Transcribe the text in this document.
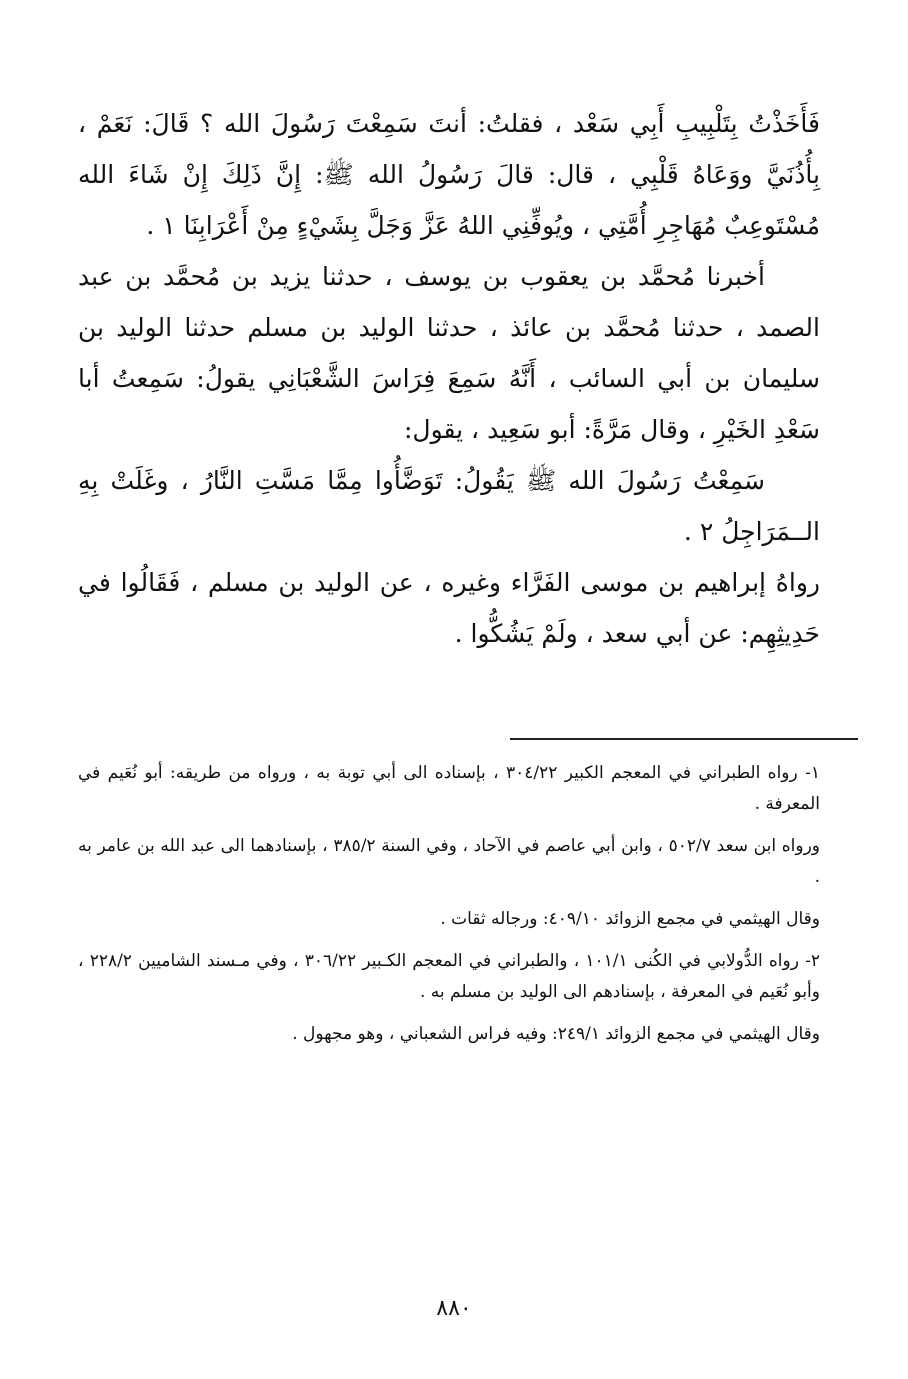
فَأَخَذْتُ بِتَلْبِيبِ أَبِي سَعْد ، فقلتُ: أنتَ سَمِعْتَ رَسُولَ الله ؟ قَالَ: نَعَمْ ، بِأُذُنَيَّ ووَعَاهُ قَلْبِي ، قال: قالَ رَسُولُ الله ﷺ: إِنَّ ذَلِكَ إِنْ شَاءَ الله مُسْتَوعِبٌ مُهَاجِرِ أُمَّتِي ، ويُوفِّنِي اللهُ عَزَّ وَجَلَّ بِشَيْءٍ مِنْ أَعْرَابِنَا ١ .

أخبرنا مُحمَّد بن يعقوب بن يوسف ، حدثنا يزيد بن مُحمَّد بن عبد الصمد ، حدثنا مُحمَّد بن عائذ ، حدثنا الوليد بن مسلم حدثنا الوليد بن سليمان بن أبي السائب ، أَنَّهُ سَمِعَ فِرَاسَ الشَّعْبَانِي يقولُ: سَمِعتُ أبا سَعْدِ الخَيْرِ ، وقال مَرَّةً: أبو سَعِيد ، يقول:

سَمِعْتُ رَسُولَ الله ﷺ يَقُولُ: تَوَضَّأُوا مِمَّا مَسَّتِ النَّارُ ، وغَلَتْ بِهِ الــمَرَاجِلُ ٢ .

رواهُ إبراهيم بن موسى الفَرَّاء وغيره ، عن الوليد بن مسلم ، فَقَالُوا في حَدِيثِهِم: عن أبي سعد ، ولَمْ يَشُكُّوا .

١- رواه الطبراني في المعجم الكبير ٣٠٤/٢٢ ، بإسناده الى أبي توبة به ، ورواه من طريقه: أبو نُعَيم في المعرفة .

ورواه ابن سعد ٥٠٢/٧ ، وابن أبي عاصم في الآحاد ، وفي السنة ٣٨٥/٢ ، بإسنادهما الى عبد الله بن عامر به .

وقال الهيثمي في مجمع الزوائد ٤٠٩/١٠: ورجاله ثقات .

٢- رواه الدُّولابي في الكُنى ١٠١/١ ، والطبراني في المعجم الكـبير ٣٠٦/٢٢ ، وفي مـسند الشاميين ٢٢٨/٢ ، وأبو نُعَيم في المعرفة ، بإسنادهم الى الوليد بن مسلم به .

وقال الهيثمي في مجمع الزوائد ٢٤٩/١: وفيه فراس الشعباني ، وهو مجهول .

٨٨٠
